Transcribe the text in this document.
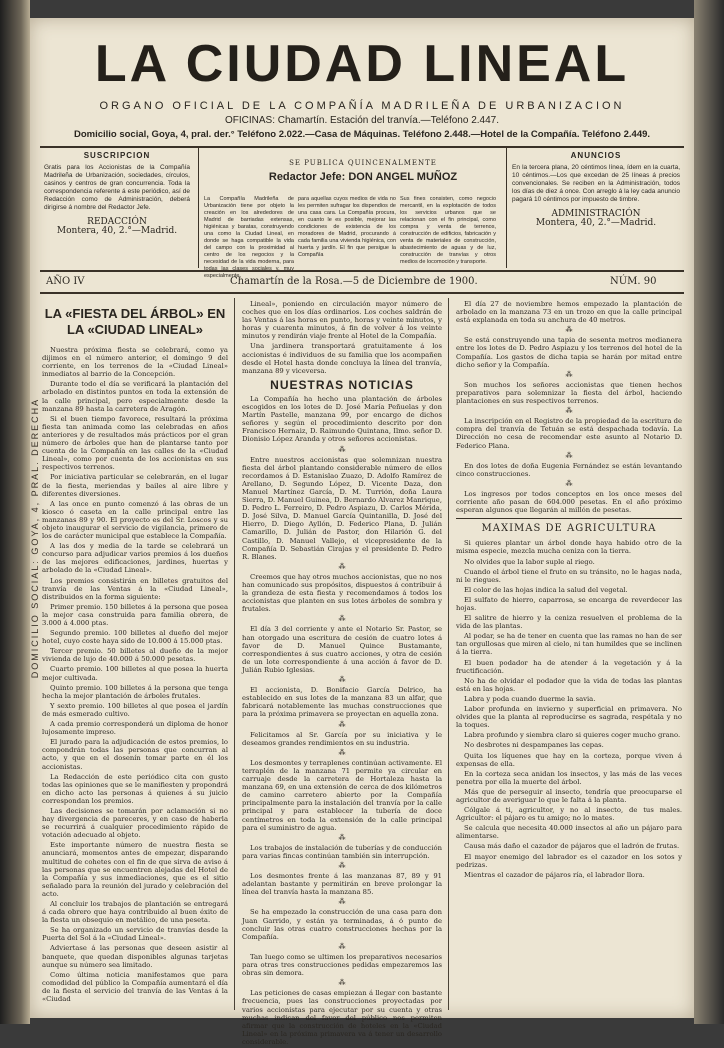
DOMICILIO SOCIAL: GOYA, 4, PRAL. DERECHA
LA CIUDAD LINEAL
ORGANO OFICIAL DE LA COMPAÑÍA MADRILEÑA DE URBANIZACION
OFICINAS: Chamartín. Estación del tranvía.—Teléfono 2.447.
Domicilio social, Goya, 4, pral. der.° Teléfono 2.022.—Casa de Máquinas. Teléfono 2.448.—Hotel de la Compañía. Teléfono 2.449.
SUSCRIPCION
Gratis para los Accionistas de la Compañía Madrileña de Urbanización, sociedades, círculos, casinos y centros de gran concurrencia. Toda la correspondencia referente á este periódico, así de Redacción como de Administración, deberá dirigirse á nombre del Redactor Jefe.
REDACCIÓN
Montera, 40, 2.°—Madrid.
SE PUBLICA QUINCENALMENTE
Redactor Jefe: DON ANGEL MUÑOZ
La Compañía Madrileña de Urbanización tiene por objeto la creación en los alrededores de Madrid de barriadas extensas, higiénicas y baratas, construyendo una como la Ciudad Lineal, en donde se haga compatible la vida del campo con la proximidad al centro de los negocios y la necesidad de la vida moderna, para todas las clases sociales y, muy especialmente,
para aquellas cuyos medios de vida no les permiten sufragar los dispendios de una casa cara. La Compañía procura, en cuanto le es posible, mejorar las condiciones de existencia de los moradores de Madrid, procurando á cada familia una vivienda higiénica, con huerta y jardín. El fin que persigue la Compañía
Sus fines consisten, como negocio mercantil, en la explotación de todos los servicios urbanos que se relacionan con el fin principal, como compra y venta de terrenos, construcción de edificios, fabricación y venta de materiales de construcción, abastecimiento de aguas y de luz, construcción de tranvías y otros medios de locomoción y transporte.
ANUNCIOS
En la tercera plana, 20 céntimos línea, ídem en la cuarta, 10 céntimos.—Los que excedan de 25 líneas á precios convencionales. Se reciben en la Administración, todos los días de diez á once. Con arreglo á la ley cada anuncio pagará 10 céntimos por impuesto de timbre.
ADMINISTRACIÓN
Montera, 40, 2.°—Madrid.
AÑO IV	Chamartín de la Rosa.—5 de Diciembre de 1900.	NÚM. 90
LA «FIESTA DEL ÁRBOL» EN LA «CIUDAD LINEAL»

Nuestra próxima fiesta se celebrará, como ya dijimos en el número anterior, el domingo 9 del corriente, en los terrenos de la «Ciudad Lineal» inmediatos al barrio de la Concepción.

Durante todo el día se verificará la plantación del arbolado en distintos puntos en toda la extensión de la calle principal, pero especialmente desde la manzana 89 hasta la carretera de Aragón.

Si el buen tiempo favorece, resultará la próxima fiesta tan animada como las celebradas en años anteriores y de resultados más prácticos por el gran número de árboles que han de plantarse tanto por cuenta de la Compañía en las calles de la «Ciudad Lineal», como por cuenta de los accionistas en sus respectivos terrenos.

Por iniciativa particular se celebrarán, en el lugar de la fiesta, meriendas y bailes al aire libre y diferentes diversiones.

A las once en punto comenzó á las obras de un kiosco ó caseta en la calle principal entre las manzanas 89 y 90. El proyecto es del Sr. Loscos y su objeto inaugurar el servicio de vigilancia, primero de los de carácter municipal que establece la Compañía.

A las dos y media de la tarde se celebrará un concurso para adjudicar varios premios á los dueños de las mejores edificaciones, jardines, huertas y arbolado de la «Ciudad Lineal».

Los premios consistirán en billetes gratuitos del tranvía de las Ventas á la «Ciudad Lineal», distribuidos en la forma siguiente:

Primer premio. 150 billetes á la persona que posea la mejor casa construida para familia obrera, de 3.000 á 4.000 ptas.

Segundo premio. 100 billetes al dueño del mejor hotel, cuyo coste haya sido de 10.000 á 15.000 ptas.

Tercer premio. 50 billetes al dueño de la mejor vivienda de lujo de 40.000 á 50.000 pesetas.

Cuarto premio. 100 billetes al que posea la huerta mejor cultivada.

Quinto premio. 100 billetes á la persona que tenga hecha la mejor plantación de árboles frutales.

Y sexto premio. 100 billetes al que posea el jardín de más esmerado cultivo.

A cada premio corresponderá un diploma de honor lujosamente impreso.

El jurado para la adjudicación de estos premios, lo compondrán todas las personas que concurran al acto, y que en el dosenín tomar parte en él los accionistas.

La Redacción de este periódico cita con gusto todas las opiniones que se le manifiesten y propondrá en dicho acto las personas á quienes á su juicio correspondan los premios.

Las decisiones se tomarán por aclamación si no hay divergencia de pareceres, y en caso de haberla se recurrirá á cualquier procedimiento rápido de votación adecuado al objeto.

Este importante número de nuestra fiesta se anunciará, momentos antes de empezar, disparando multitud de cohetes con el fin de que sirva de aviso á las personas que se encuentren alejadas del Hotel de la Compañía y sus inmediaciones, que es el sitio señalado para la reunión del jurado y celebración del acto.

Al concluir los trabajos de plantación se entregará á cada obrero que haya contribuido al buen éxito de la fiesta un obsequio en metálico, de una peseta.

Se ha organizado un servicio de tranvías desde la Puerta del Sol á la «Ciudad Lineal».

Adviertase á las personas que deseen asistir al banquete, que quedan disponibles algunas tarjetas aunque su número sea limitado.

Como última noticia manifestamos que para comodidad del público la Compañía aumentará el día de la fiesta el servicio del tranvía de las Ventas á la «Ciudad

Lineal», poniendo en circulación mayor número de coches que en los días ordinarios. Los coches saldrán de las Ventas á las horas en punto, horas y veinte minutos, y horas y cuarenta minutos, á fin de volver á los veinte minutos y rendirán viaje frente al Hotel de la Compañía.

Una jardinera transportará gratuitamente á los accionistas é individuos de su familia que los acompañen desde el Hotel hasta donde concluya la línea del tranvía, manzana 89 y viceversa.

NUESTRAS NOTICIAS

La Compañía ha hecho una plantación de árboles escogidos en los lotes de D. José María Peñuelas y don Martín Pastelle, manzana 99, por encargo de dichos señores y según el procedimiento descrito por don Francisco Hernaiz, D. Raimundo Quintana, Ilmo. señor D. Dionisio López Aranda y otros señores accionistas.

⁂

Entre nuestros accionistas que solemnizan nuestra fiesta del árbol plantando considerable número de ellos recordamos á D. Estanislao Zuazo, D. Adolfo Ramírez de Arellano, D. Segundo López, D. Vicente Daza, don Manuel Martínez García, D. M. Turrión, doña Laura Sierra, D. Manuel Guinea, D. Bernardo Alvarez Manrique, D. Pedro L. Ferreiro, D. Pedro Aspiazu, D. Carlos Mérida, D. José Silva, D. Manuel García Quintanilla, D. José del Hierro, D. Diego Ayllón, D. Federico Plana, D. Julián Camarillo, D. Julián de Pastor, don Hilarión G. del Castillo, D. Manuel Vallejo, el vicepresidente de la Compañía D. Sebastián Cirajas y el presidente D. Pedro R. Blanes.

⁂

Creemos que hay otros muchos accionistas, que no nos han comunicado sus propósitos, dispuestos á contribuir á la grandeza de esta fiesta y recomendamos á todos los accionistas que planten en sus lotes árboles de sombra y frutales.

⁂

El día 3 del corriente y ante el Notario Sr. Pastor, se han otorgado una escritura de cesión de cuatro lotes á favor de D. Manuel Quince Bustamante, correspondientes á sus cuatro acciones, y otra de cesión de un lote correspondiente á una acción á favor de D. Julián Rubio Iglesias.

⁂

El accionista, D. Bonifacio García Delrico, ha establecido en sus lotes de la manzana 83 un alfar, que fabricará notablemente las muchas construcciones que para la próxima primavera se proyectan en aquella zona.

⁂

Felicitamos al Sr. García por su iniciativa y le deseamos grandes rendimientos en su industria.

⁂

Los desmontes y terraplenes continúan activamente. El terraplén de la manzana 71 permite ya circular en carruaje desde la carretera de Hortaleza hasta la manzana 69, en una extensión de cerca de dos kilómetros de camino carretero abierto por la Compañía principalmente para la instalación del tranvía por la calle principal y para establecer la tubería de doce centímetros en toda la extensión de la calle principal para el suministro de agua.

⁂

Los trabajos de instalación de tuberías y de conducción para varias fincas continúan también sin interrupción.

⁂

Los desmontes frente á las manzanas 87, 89 y 91 adelantan bastante y permitirán en breve prolongar la línea del tranvía hasta la manzana 85.

⁂

Se ha empezado la construcción de una casa para don Juan Garrido, y están ya terminadas, á ó punto de concluir las otras cuatro construcciones hechas por la Compañía.

⁂

Tan luego como se ultimen los preparativos necesarios para otras tres construcciones pedidas empezaremos las obras sin demora.

⁂

Las peticiones de casas empiezan á llegar con bastante frecuencia, pues las construcciones proyectadas por varios accionistas para ejecutar por su cuenta y otras muchas indican del favor del público nos permiten afirmar que la construcción de hoteles en la «Ciudad Lineal» en la próxima primavera va á tener un desarrollo considerable.

El día 27 de noviembre hemos empezado la plantación de arbolado en la manzana 73 en un trozo en que la calle principal está explanada en toda su anchura de 40 metros.

⁂

Se está construyendo una tapia de sesenta metros medianera entre los lotes de D. Pedro Aspiazu y los terrenos del hotel de la Compañía. Los gastos de dicha tapia se harán por mitad entre dicho señor y la Compañía.

⁂

Son muchos los señores accionistas que tienen hechos preparativos para solemnizar la fiesta del árbol, haciendo plantaciones en sus respectivos terrenos.

⁂

La inscripción en el Registro de la propiedad de la escritura de compra del tranvía de Tetuán se está despachada todavía. La Dirección no cesa de recomendar este asunto al Notario D. Federico Plana.

⁂

En dos lotes de doña Eugenia Fernández se están levantando cinco construcciones.

⁂

Los ingresos por todos conceptos en los once meses del corriente año pasan de 604.000 pesetas. En el año próximo esperan algunos que llegarán al millón de pesetas.

MAXIMAS DE AGRICULTURA

Si quieres plantar un árbol donde haya habido otro de la misma especie, mezcla mucha ceniza con la tierra.

No olvides que la labor suple al riego.

Cuando el árbol tiene el fruto en su tránsito, no le hagas nada, ni le riegues.

El color de las hojas indica la salud del vegetal.

El sulfato de hierro, caparrosa, se encarga de reverdecer las hojas.

El salitre de hierro y la ceniza resuelven el problema de la vida de las plantas.

Al podar, se ha de tener en cuenta que las ramas no han de ser tan orgullosas que miren al cielo, ni tan humildes que se inclinen á la tierra.

El buen podador ha de atender á la vegetación y á la fructificación.

No ha de olvidar el podador que la vida de todas las plantas está en las hojas.

Labra y poda cuando duerme la savia.

Labor profunda en invierno y superficial en primavera. No olvides que la planta al reproducirse es sagrada, respétala y no la toques.

Labra profundo y siembra claro si quieres coger mucho grano.

No desbrotes ni despampanes las cepas.

Quita los líquenes que hay en la corteza, porque viven á expensas de ella.

En la corteza seca anidan los insectos, y las más de las veces penetra por ella la muerte del árbol.

Más que de perseguir al insecto, tendría que preocuparse el agricultor de averiguar lo que le falta á la planta.

Cólgale á ti, agricultor, y no al insecto, de tus males. Agricultor: el pájaro es tu amigo; no lo mates.

Se calcula que necesita 40.000 insectos al año un pájaro para alimentarse.

Causa más daño el cazador de pájaros que el ladrón de frutas.

El mayor enemigo del labrador es el cazador en los sotos y pedrizas.

Mientras el cazador de pájaros ría, el labrador llora.
